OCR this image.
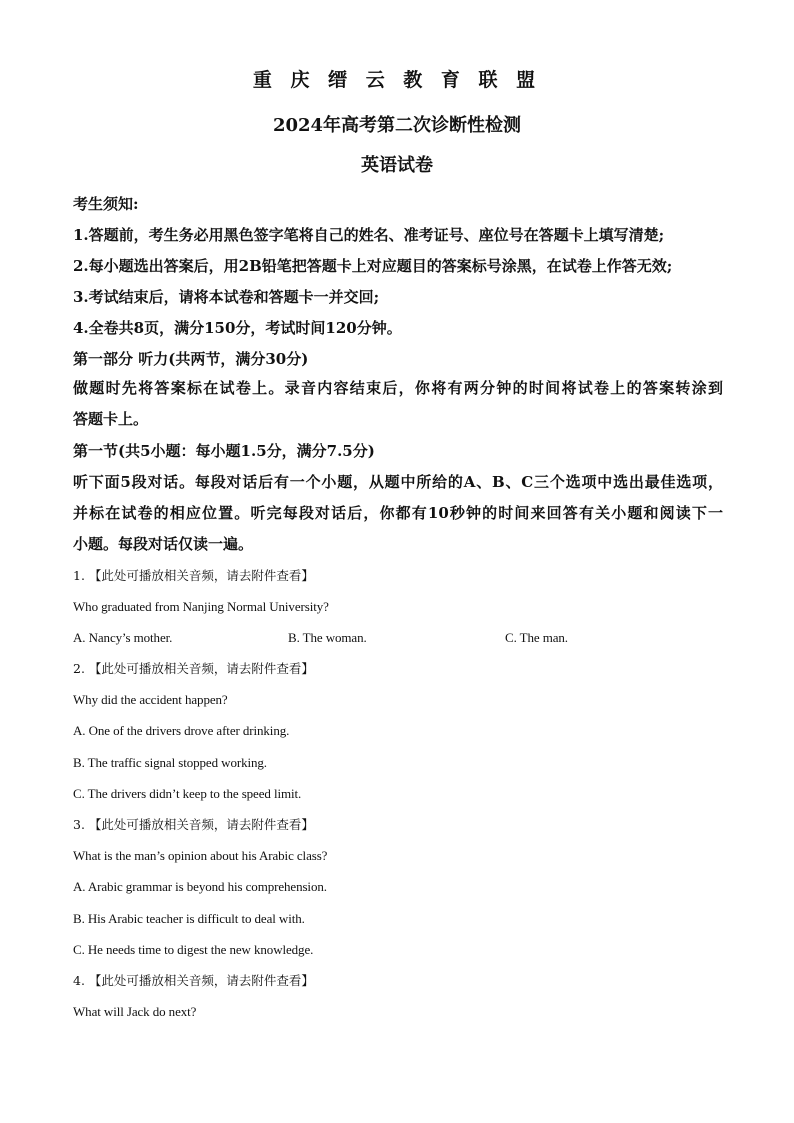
重 庆 缙 云 教 育 联 盟
2024年高考第二次诊断性检测
英语试卷
考生须知:
1.答题前，考生务必用黑色签字笔将自己的姓名、准考证号、座位号在答题卡上填写清楚;
2.每小题选出答案后，用2B铅笔把答题卡上对应题目的答案标号涂黑，在试卷上作答无效;
3.考试结束后，请将本试卷和答题卡一并交回;
4.全卷共8页，满分150分，考试时间120分钟。
第一部分 听力(共两节，满分30分)
做题时先将答案标在试卷上。录音内容结束后，你将有两分钟的时间将试卷上的答案转涂到
答题卡上。
第一节(共5小题：每小题1.5分，满分7.5分)
听下面5段对话。每段对话后有一个小题，从题中所给的A、B、C三个选项中选出最佳选项，
并标在试卷的相应位置。听完每段对话后，你都有10秒钟的时间来回答有关小题和阅读下一
小题。每段对话仅读一遍。
1. 【此处可播放相关音频，请去附件查看】
Who graduated from Nanjing Normal University?
A. Nancy’s mother.	B. The woman.	C. The man.
2. 【此处可播放相关音频，请去附件查看】
Why did the accident happen?
A. One of the drivers drove after drinking.
B. The traffic signal stopped working.
C. The drivers didn’t keep to the speed limit.
3. 【此处可播放相关音频，请去附件查看】
What is the man’s opinion about his Arabic class?
A. Arabic grammar is beyond his comprehension.
B. His Arabic teacher is difficult to deal with.
C. He needs time to digest the new knowledge.
4. 【此处可播放相关音频，请去附件查看】
What will Jack do next?
